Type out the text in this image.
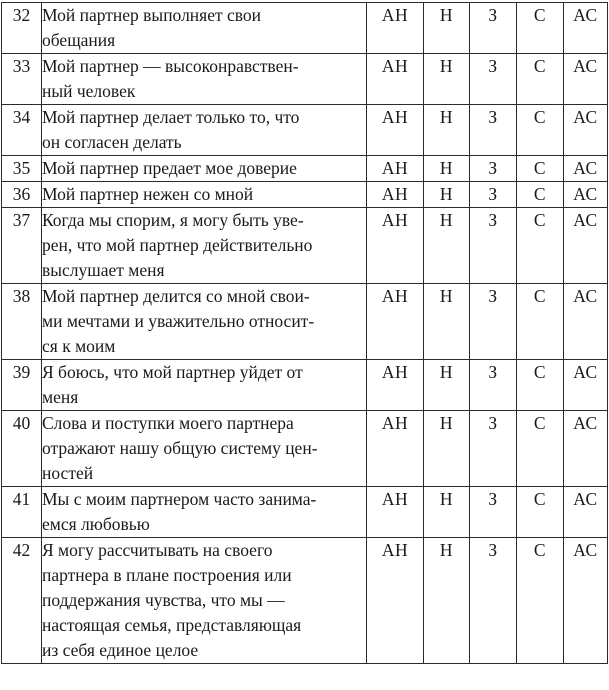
32	Мой партнер выполняет свои
обещания	АН	Н	З	С	АС
33	Мой партнер — высоконравствен-
ный человек	АН	Н	З	С	АС
34	Мой партнер делает только то, что
он согласен делать	АН	Н	З	С	АС
35	Мой партнер предает мое доверие	АН	Н	З	С	АС
36	Мой партнер нежен со мной	АН	Н	З	С	АС
37	Когда мы спорим, я могу быть уве-
рен, что мой партнер действительно
выслушает меня	АН	Н	З	С	АС
38	Мой партнер делится со мной свои-
ми мечтами и уважительно относит-
ся к моим	АН	Н	З	С	АС
39	Я боюсь, что мой партнер уйдет от
меня	АН	Н	З	С	АС
40	Слова и поступки моего партнера
отражают нашу общую систему цен-
ностей	АН	Н	З	С	АС
41	Мы с моим партнером часто занима-
емся любовью	АН	Н	З	С	АС
42	Я могу рассчитывать на своего
партнера в плане построения или
поддержания чувства, что мы —
настоящая семья, представляющая
из себя единое целое	АН	Н	З	С	АС
